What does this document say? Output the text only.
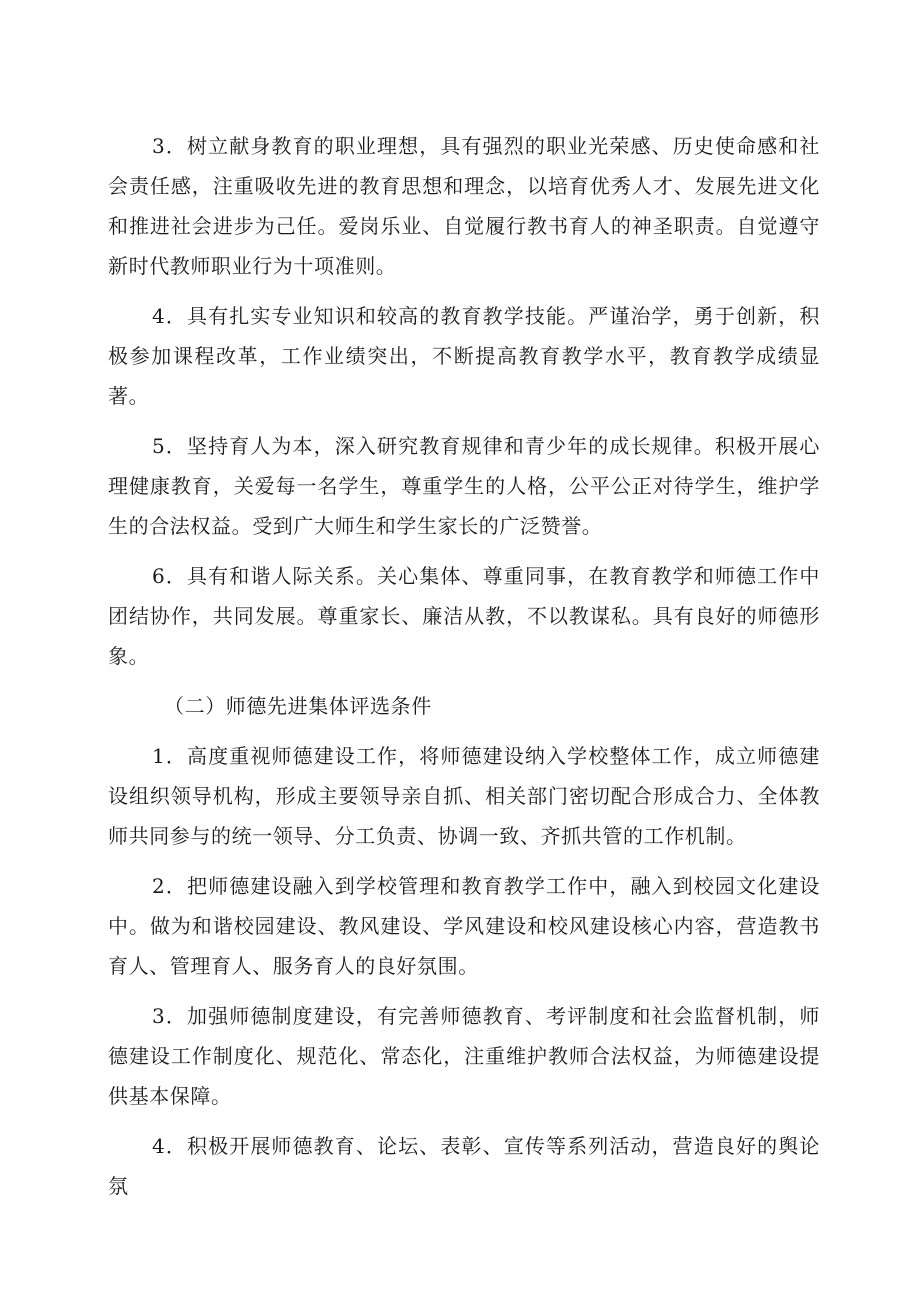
3．树立献身教育的职业理想，具有强烈的职业光荣感、历史使命感和社会责任感，注重吸收先进的教育思想和理念，以培育优秀人才、发展先进文化和推进社会进步为己任。爱岗乐业、自觉履行教书育人的神圣职责。自觉遵守新时代教师职业行为十项准则。

4．具有扎实专业知识和较高的教育教学技能。严谨治学，勇于创新，积极参加课程改革，工作业绩突出，不断提高教育教学水平，教育教学成绩显著。

5．坚持育人为本，深入研究教育规律和青少年的成长规律。积极开展心理健康教育，关爱每一名学生，尊重学生的人格，公平公正对待学生，维护学生的合法权益。受到广大师生和学生家长的广泛赞誉。

6．具有和谐人际关系。关心集体、尊重同事，在教育教学和师德工作中团结协作，共同发展。尊重家长、廉洁从教，不以教谋私。具有良好的师德形象。

（二）师德先进集体评选条件

1．高度重视师德建设工作，将师德建设纳入学校整体工作，成立师德建设组织领导机构，形成主要领导亲自抓、相关部门密切配合形成合力、全体教师共同参与的统一领导、分工负责、协调一致、齐抓共管的工作机制。

2．把师德建设融入到学校管理和教育教学工作中，融入到校园文化建设中。做为和谐校园建设、教风建设、学风建设和校风建设核心内容，营造教书育人、管理育人、服务育人的良好氛围。

3．加强师德制度建设，有完善师德教育、考评制度和社会监督机制，师德建设工作制度化、规范化、常态化，注重维护教师合法权益，为师德建设提供基本保障。

4．积极开展师德教育、论坛、表彰、宣传等系列活动，营造良好的舆论氛
